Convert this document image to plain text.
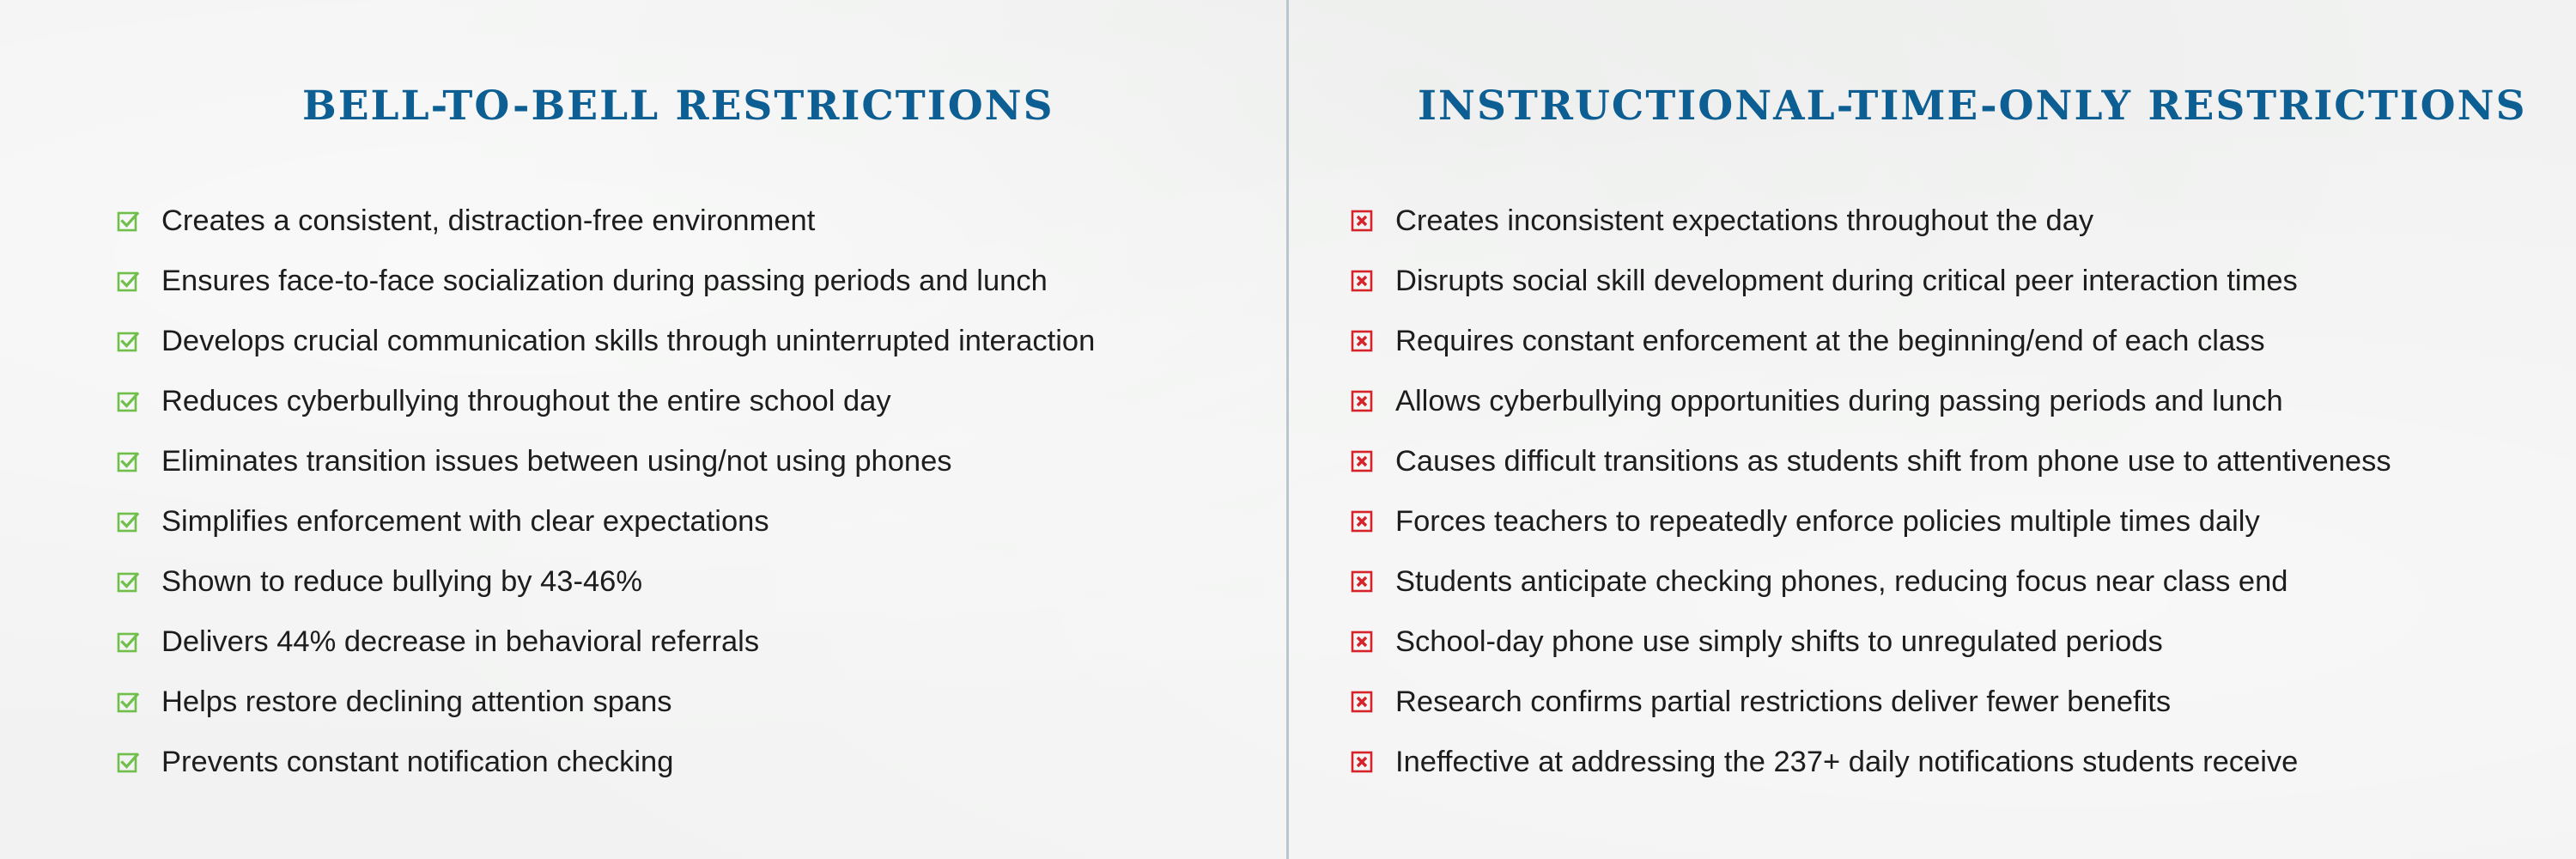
BELL-TO-BELL RESTRICTIONS
Creates a consistent, distraction-free environment
Ensures face-to-face socialization during passing periods and lunch
Develops crucial communication skills through uninterrupted interaction
Reduces cyberbullying throughout the entire school day
Eliminates transition issues between using/not using phones
Simplifies enforcement with clear expectations
Shown to reduce bullying by 43-46%
Delivers 44% decrease in behavioral referrals
Helps restore declining attention spans
Prevents constant notification checking
INSTRUCTIONAL-TIME-ONLY RESTRICTIONS
Creates inconsistent expectations throughout the day
Disrupts social skill development during critical peer interaction times
Requires constant enforcement at the beginning/end of each class
Allows cyberbullying opportunities during passing periods and lunch
Causes difficult transitions as students shift from phone use to attentiveness
Forces teachers to repeatedly enforce policies multiple times daily
Students anticipate checking phones, reducing focus near class end
School-day phone use simply shifts to unregulated periods
Research confirms partial restrictions deliver fewer benefits
Ineffective at addressing the 237+ daily notifications students receive
